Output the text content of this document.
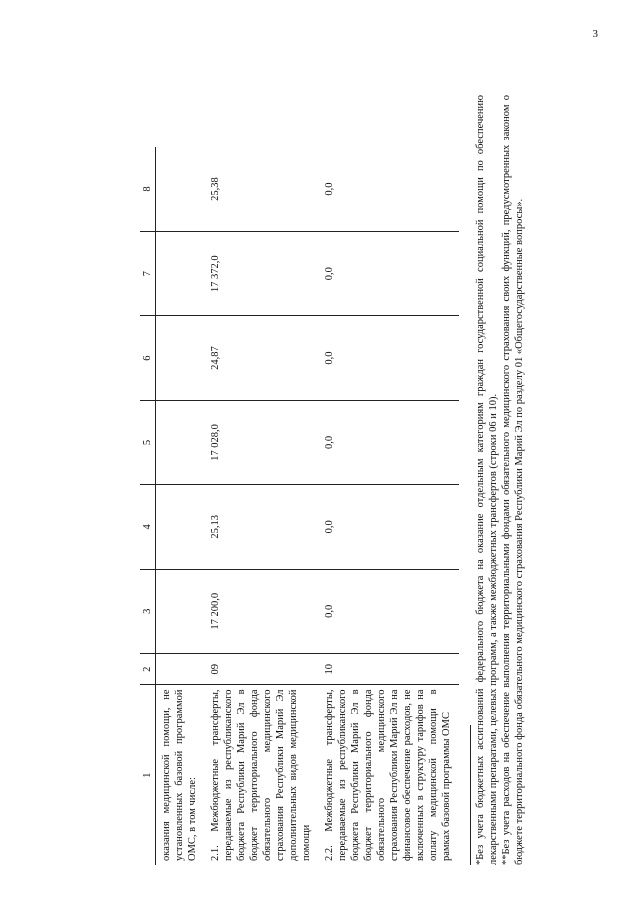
3
1	2	3	4	5	6	7	8
оказания медицинской помощи, не установленных базовой программой ОМС, в том числе:							
2.1. Межбюджетные трансферты, передаваемые из республиканского бюджета Республики Марий Эл в бюджет территориального фонда обязательного медицинского страхования Республики Марий Эл дополнительных видов медицинской помощи	09	17 200,0	25,13	17 028,0	24,87	17 372,0	25,38
2.2. Межбюджетные трансферты, передаваемые из республиканского бюджета Республики Марий Эл в бюджет территориального фонда обязательного медицинского страхования Республики Марий Эл на финансовое обеспечение расходов, не включенных в структуру тарифов на оплату медицинской помощи в рамках базовой программы ОМС	10	0,0	0,0	0,0	0,0	0,0	0,0	*Без учета бюджетных ассигнований федерального бюджета на оказание отдельным категориям граждан государственной социальной помощи по обеспечению лекарственными препаратами, целевых программ, а также межбюджетных трансфертов (строки 06 и 10). **Без учета расходов на обеспечение выполнения территориальными фондами обязательного медицинского страхования своих функций, предусмотренных законом о бюджете территориального фонда обязательного медицинского страхования Республики Марий Эл по разделу 01 «Общегосударственные вопросы».
